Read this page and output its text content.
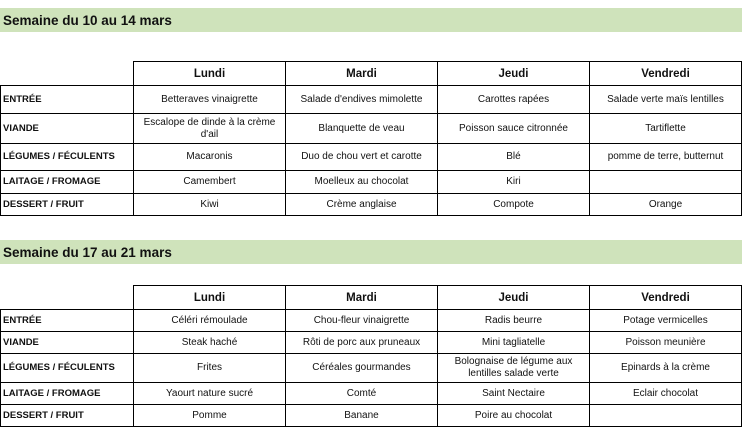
Semaine du 10 au 14 mars
	Lundi	Mardi	Jeudi	Vendredi
ENTRÉE	Betteraves vinaigrette	Salade d'endives mimolette	Carottes rapées	Salade verte maïs lentilles
VIANDE	Escalope de dinde à la crème d'ail	Blanquette de veau	Poisson sauce citronnée	Tartiflette
LÉGUMES / FÉCULENTS	Macaronis	Duo de chou vert et carotte	Blé	pomme de terre, butternut
LAITAGE / FROMAGE	Camembert	Moelleux au chocolat	Kiri	
DESSERT / FRUIT	Kiwi	Crème anglaise	Compote	Orange
Semaine du 17 au 21 mars
	Lundi	Mardi	Jeudi	Vendredi
ENTRÉE	Céléri rémoulade	Chou-fleur vinaigrette	Radis beurre	Potage vermicelles
VIANDE	Steak haché	Rôti de porc aux pruneaux	Mini tagliatelle	Poisson meunière
LÉGUMES / FÉCULENTS	Frites	Céréales gourmandes	Bolognaise de légume aux lentilles salade verte	Epinards à la crème
LAITAGE / FROMAGE	Yaourt nature sucré	Comté	Saint Nectaire	Eclair chocolat
DESSERT / FRUIT	Pomme	Banane	Poire au chocolat	
